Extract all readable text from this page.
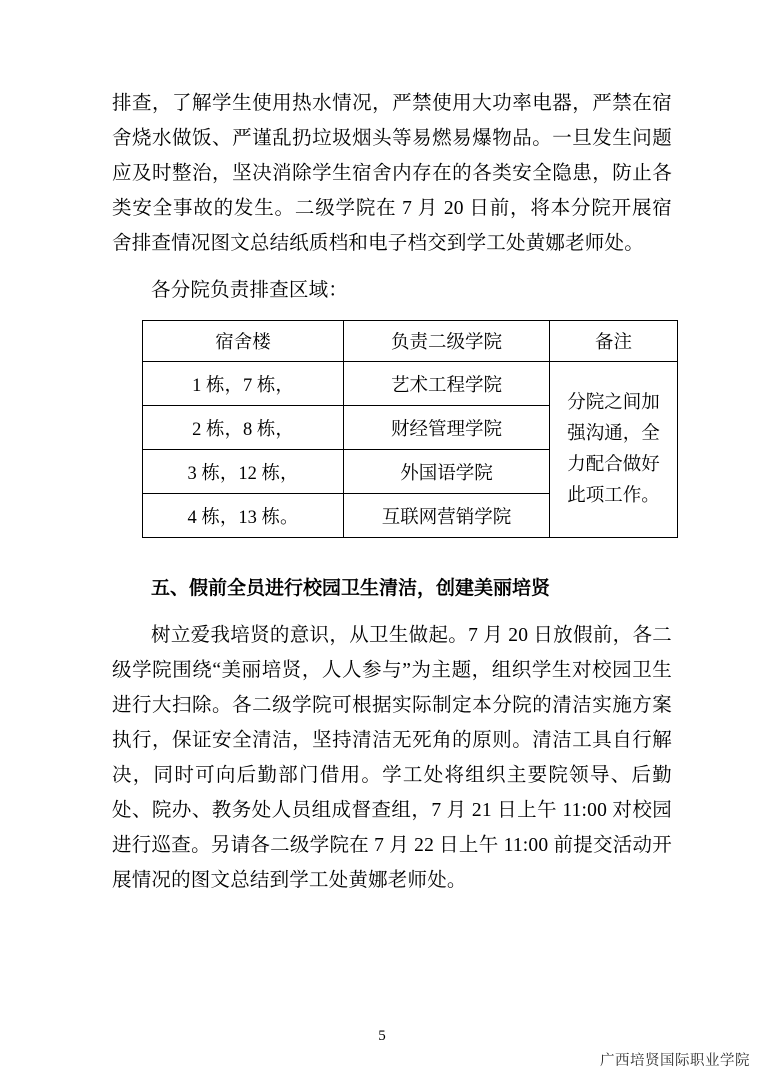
排查，了解学生使用热水情况，严禁使用大功率电器，严禁在宿舍烧水做饭、严谨乱扔垃圾烟头等易燃易爆物品。一旦发生问题应及时整治，坚决消除学生宿舍内存在的各类安全隐患，防止各类安全事故的发生。二级学院在 7 月 20 日前，将本分院开展宿舍排查情况图文总结纸质档和电子档交到学工处黄娜老师处。

各分院负责排查区域：

宿舍楼	负责二级学院	备注
1 栋，7 栋，	艺术工程学院	分院之间加强沟通，全力配合做好此项工作。
2 栋，8 栋，	财经管理学院	
3 栋，12 栋，	外国语学院	
4 栋，13 栋。	互联网营销学院	

五、假前全员进行校园卫生清洁，创建美丽培贤

树立爱我培贤的意识，从卫生做起。7 月 20 日放假前，各二级学院围绕“美丽培贤，人人参与”为主题，组织学生对校园卫生进行大扫除。各二级学院可根据实际制定本分院的清洁实施方案执行，保证安全清洁，坚持清洁无死角的原则。清洁工具自行解决，同时可向后勤部门借用。学工处将组织主要院领导、后勤处、院办、教务处人员组成督查组，7 月 21 日上午 11:00 对校园进行巡查。另请各二级学院在 7 月 22 日上午 11:00 前提交活动开展情况的图文总结到学工处黄娜老师处。

5
广西培贤国际职业学院
